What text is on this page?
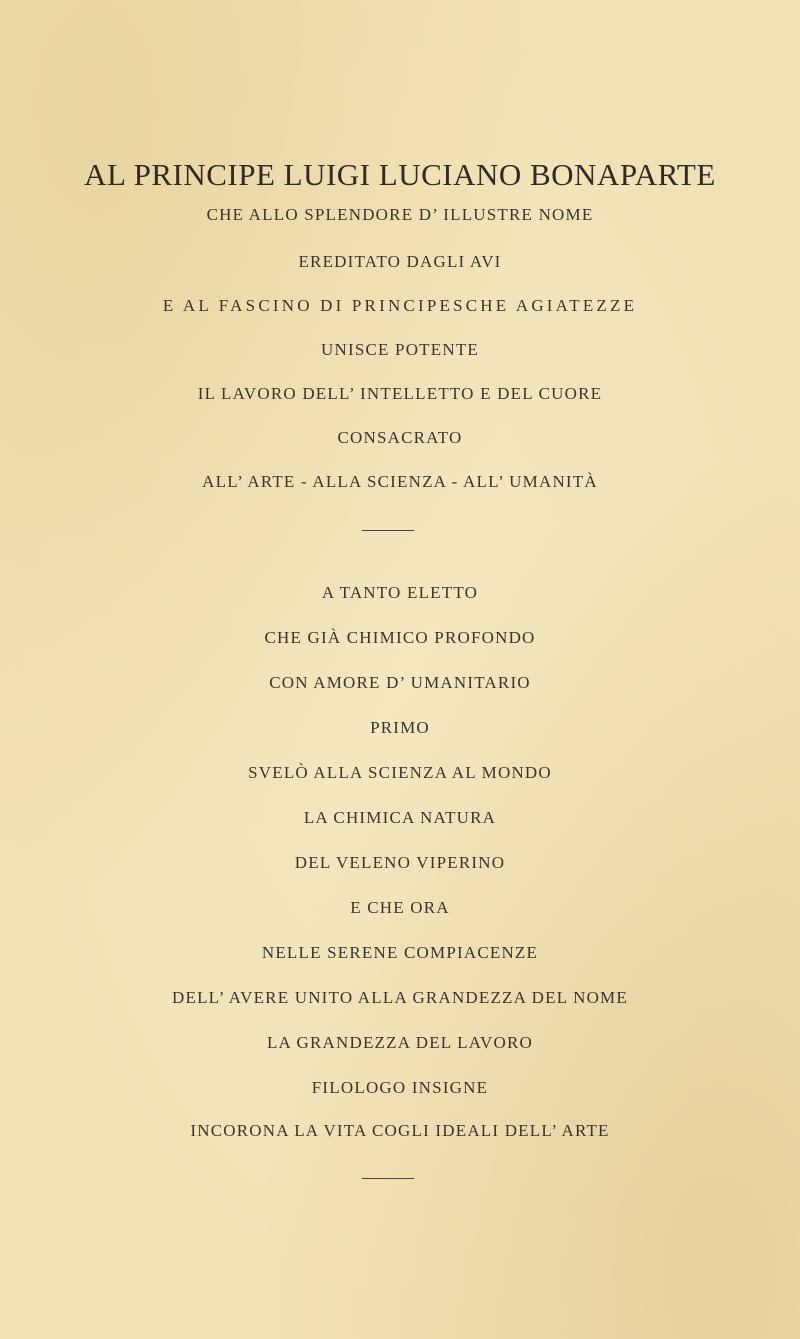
AL PRINCIPE LUIGI LUCIANO BONAPARTE
CHE ALLO SPLENDORE D’ ILLUSTRE NOME
EREDITATO DAGLI AVI
E AL FASCINO DI PRINCIPESCHE AGIATEZZE
UNISCE POTENTE
IL LAVORO DELL’ INTELLETTO E DEL CUORE
CONSACRATO
ALL’ ARTE - ALLA SCIENZA - ALL’ UMANITÀ
A TANTO ELETTO
CHE GIÀ CHIMICO PROFONDO
CON AMORE D’ UMANITARIO
PRIMO
SVELÒ ALLA SCIENZA AL MONDO
LA CHIMICA NATURA
DEL VELENO VIPERINO
E CHE ORA
NELLE SERENE COMPIACENZE
DELL’ AVERE UNITO ALLA GRANDEZZA DEL NOME
LA GRANDEZZA DEL LAVORO
FILOLOGO INSIGNE
INCORONA LA VITA COGLI IDEALI DELL’ ARTE
